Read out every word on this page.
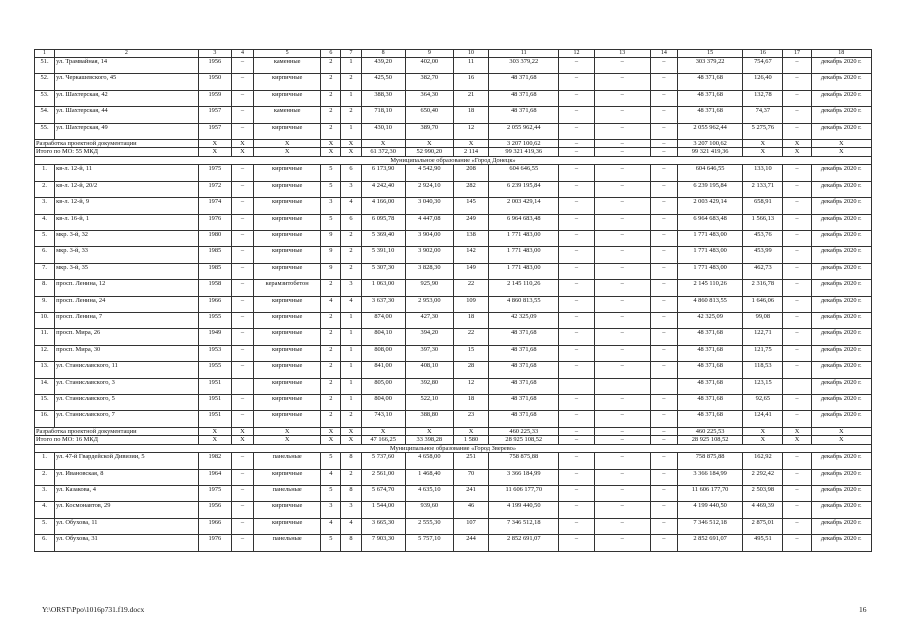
1	2	3	4	5	6	7	8	9	10	11	12	13	14	15	16	17	18
51.	ул. Трамвайная, 14	1956	–	каменные	2	1	439,20	402,00	11	303 379,22	–	–	–	303 379,22	754,67	–	декабрь 2020 г.
52.	ул. Черкашевского, 45	1950	–	кирпичные	2	2	425,50	382,70	16	48 371,68	–	–	–	48 371,68	126,40	–	декабрь 2020 г.
53.	ул. Шахтерская, 42	1959	–	кирпичные	2	1	388,30	364,30	21	48 371,68	–	–	–	48 371,68	132,78	–	декабрь 2020 г.
54.	ул. Шахтерская, 44	1957	–	каменные	2	2	718,10	650,40	18	48 371,68	–	–	–	48 371,68	74,37	–	декабрь 2020 г.
55.	ул. Шахтерская, 49	1957	–	кирпичные	2	1	430,10	389,70	12	2 055 962,44	–	–	–	2 055 962,44	5 275,76	–	декабрь 2020 г.
Разработка проектной документации		X	X	X	X	X	X	X	X	3 207 100,62	–	–	–	3 207 100,62	X	X	X
Итого по МО: 55 МКД		X	X	X	X	X	61 372,30	52 990,20	2 114	99 321 419,36	–	–	–	99 321 419,36	X	X	X
Муниципальное образование «Город Донецк»																	
1.	кв-л. 12-й, 11	1975	–	кирпичные	5	6	6 173,90	4 542,90	208	604 646,55	–	–	–	604 646,55	133,10	–	декабрь 2020 г.
2.	кв-л. 12-й, 20/2	1972	–	кирпичные	5	3	4 242,40	2 924,10	282	6 239 195,84	–	–	–	6 239 195,84	2 133,71	–	декабрь 2020 г.
3.	кв-л. 12-й, 9	1974	–	кирпичные	3	4	4 166,00	3 040,30	145	2 003 429,14	–	–	–	2 003 429,14	658,91	–	декабрь 2020 г.
4.	кв-л. 16-й, 1	1976	–	кирпичные	5	6	6 095,78	4 447,08	249	6 964 683,48	–	–	–	6 964 683,48	1 566,13	–	декабрь 2020 г.
5.	мкр. 3-й, 32	1980	–	кирпичные	9	2	5 369,40	3 904,00	138	1 771 483,00	–	–	–	1 771 483,00	453,76	–	декабрь 2020 г.
6.	мкр. 3-й, 33	1985	–	кирпичные	9	2	5 391,10	3 902,00	142	1 771 483,00	–	–	–	1 771 483,00	453,99	–	декабрь 2020 г.
7.	мкр. 3-й, 35	1985	–	кирпичные	9	2	5 307,30	3 828,30	149	1 771 483,00	–	–	–	1 771 483,00	462,73	–	декабрь 2020 г.
8.	просп. Ленина, 12	1958	–	керамзитобетон	2	3	1 063,00	925,90	22	2 145 110,26	–	–	–	2 145 110,26	2 316,78	–	декабрь 2020 г.
9.	просп. Ленина, 24	1966	–	кирпичные	4	4	3 637,30	2 953,00	109	4 860 813,55	–	–	–	4 860 813,55	1 646,06	–	декабрь 2020 г.
10.	просп. Ленина, 7	1955	–	кирпичные	2	1	874,00	427,30	18	42 325,09	–	–	–	42 325,09	99,08	–	декабрь 2020 г.
11.	просп. Мира, 26	1949	–	кирпичные	2	1	804,10	394,20	22	48 371,68	–	–	–	48 371,68	122,71	–	декабрь 2020 г.
12.	просп. Мира, 30	1953	–	кирпичные	2	1	808,00	397,30	15	48 371,68	–	–	–	48 371,68	121,75	–	декабрь 2020 г.
13.	ул. Станиславского, 11	1955	–	кирпичные	2	1	841,00	408,10	28	48 371,68	–	–	–	48 371,68	118,53	–	декабрь 2020 г.
14.	ул. Станиславского, 3	1951		кирпичные	2	1	805,00	392,80	12	48 371,68				48 371,68	123,15		декабрь 2020 г.
15.	ул. Станиславского, 5	1951	–	кирпичные	2	1	804,00	522,10	18	48 371,68	–	–	–	48 371,68	92,65	–	декабрь 2020 г.
16.	ул. Станиславского, 7	1951	–	кирпичные	2	2	743,10	388,80	23	48 371,68	–	–	–	48 371,68	124,41	–	декабрь 2020 г.
Разработка проектной документации		X	X	X	X	X	X	X	X	460 225,33	–	–	–	460 225,53	X	X	X
Итого по МО: 16 МКД		X	X	X	X	X	47 166,25	33 398,28	1 580	28 925 108,52	–	–	–	28 925 108,52	X	X	X
Муниципальное образование «Город Зверево»																	
1.	ул. 47-й Гвардейской Дивизии, 5	1982	–	панельные	5	8	5 737,60	4 658,00	251	758 875,88	–	–	–	758 875,88	162,92	–	декабрь 2020 г.
2.	ул. Ивановская, 8	1964	–	кирпичные	4	2	2 561,00	1 468,40	70	3 366 184,99	–	–	–	3 366 184,99	2 292,42	–	декабрь 2020 г.
3.	ул. Казакова, 4	1975	–	панельные	5	8	5 674,70	4 635,10	241	11 606 177,70	–	–	–	11 606 177,70	2 503,98	–	декабрь 2020 г.
4.	ул. Космонавтов, 29	1956	–	кирпичные	3	3	1 544,00	939,60	46	4 199 440,50	–	–	–	4 199 440,50	4 469,39	–	декабрь 2020 г.
5.	ул. Обухова, 11	1966	–	кирпичные	4	4	3 665,30	2 555,30	107	7 346 512,18	–	–	–	7 346 512,18	2 875,01	–	декабрь 2020 г.
6.	ул. Обухова, 31	1976	–	панельные	5	8	7 903,30	5 757,10	244	2 852 691,07	–	–	–	2 852 691,07	495,51	–	декабрь 2020 г.
Y:\ORST\Ppo\1016p731.f19.docx	16
